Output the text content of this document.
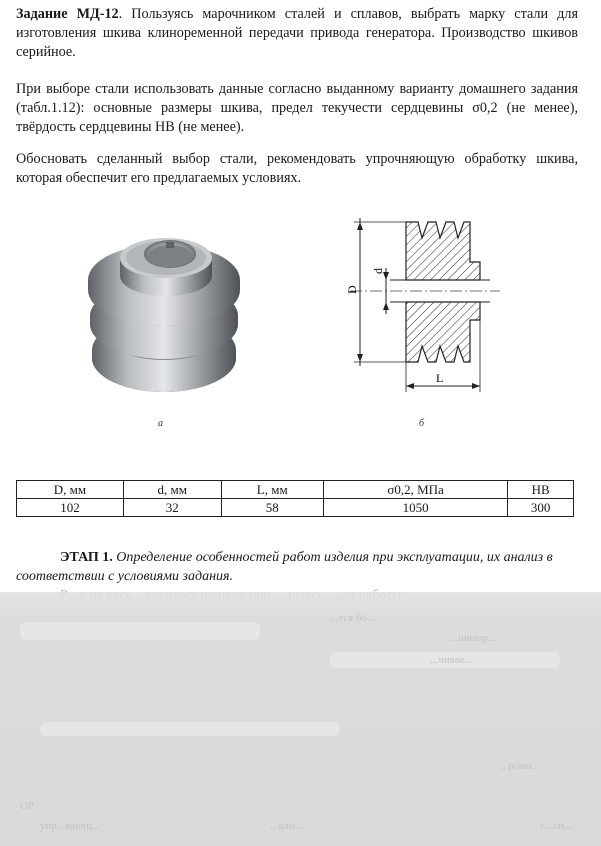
Задание МД-12. Пользуясь марочником сталей и сплавов, выбрать марку стали для изготовления шкива клиноременной передачи привода генератора. Производство шкивов серийное.

При выборе стали использовать данные согласно выданному варианту домашнего задания (табл.1.12): основные размеры шкива, предел текучести сердцевины σ0,2 (не менее), твёрдость сердцевины HB (не менее).

Обосновать сделанный выбор стали, рекомендовать упрочняющую обработку шкива, которая обеспечит его предлагаемых условиях.

D
d
L
а	б
D, мм	d, мм	L, мм	σ0,2, МПа	HB
102	32	58	1050	300

ЭТАП 1. Определение особенностей работ изделия при эксплуатации, их анализ в соответствии с условиями задания.

...тся бо...
...швапр...
...чивае...
упр...вающ...	...али...
...ромо...
с...сп...
ОР
